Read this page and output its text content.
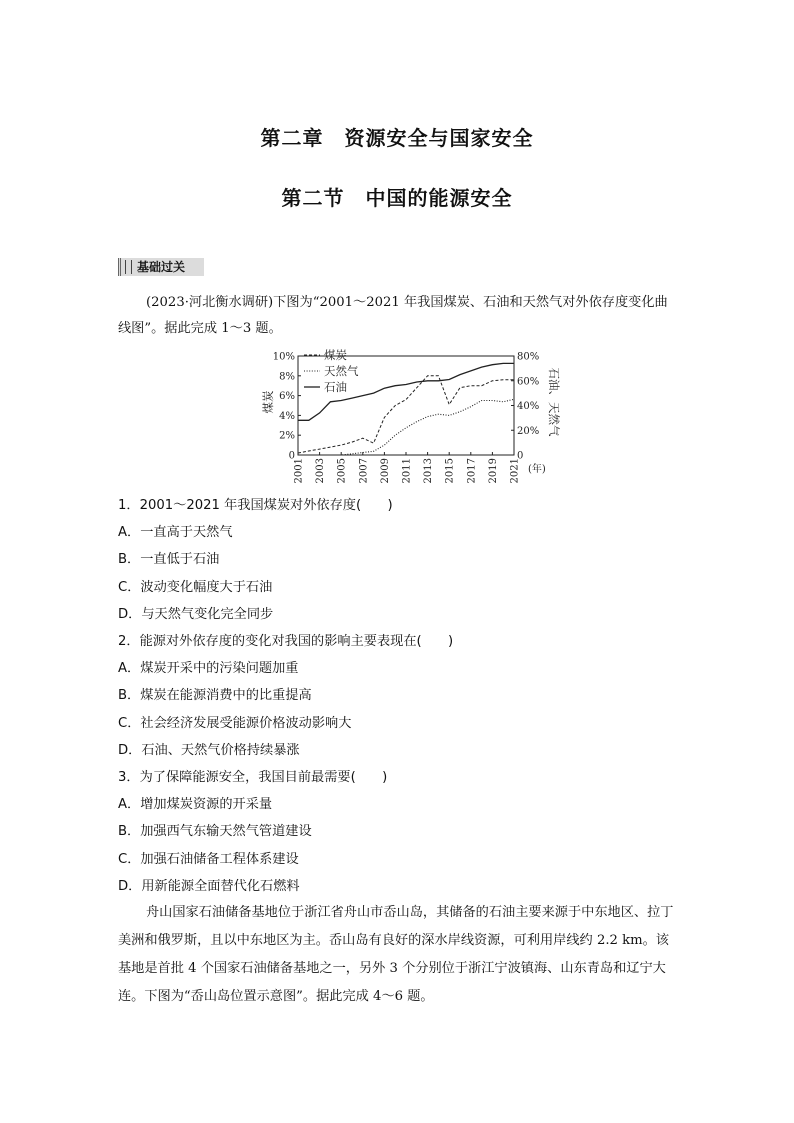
第二章　资源安全与国家安全
第二节　中国的能源安全
基础过关
(2023·河北衡水调研)下图为“2001～2021 年我国煤炭、石油和天然气对外依存度变化曲线图”。据此完成 1～3 题。
煤炭	石油、天然气
0
2%
4%
6%
8%
10%
0
20%
40%
60%
80%
2001 2003 2005 2007 2009 2011 2013 2015 2017 2019 2021 (年)
煤炭
天然气
石油
1．2001～2021 年我国煤炭对外依存度(　　)
A．一直高于天然气
B．一直低于石油
C．波动变化幅度大于石油
D．与天然气变化完全同步
2．能源对外依存度的变化对我国的影响主要表现在(　　)
A．煤炭开采中的污染问题加重
B．煤炭在能源消费中的比重提高
C．社会经济发展受能源价格波动影响大
D．石油、天然气价格持续暴涨
3．为了保障能源安全，我国目前最需要(　　)
A．增加煤炭资源的开采量
B．加强西气东输天然气管道建设
C．加强石油储备工程体系建设
D．用新能源全面替代化石燃料
舟山国家石油储备基地位于浙江省舟山市岙山岛，其储备的石油主要来源于中东地区、拉丁美洲和俄罗斯，且以中东地区为主。岙山岛有良好的深水岸线资源，可利用岸线约 2.2 km。该基地是首批 4 个国家石油储备基地之一，另外 3 个分别位于浙江宁波镇海、山东青岛和辽宁大连。下图为“岙山岛位置示意图”。据此完成 4～6 题。
